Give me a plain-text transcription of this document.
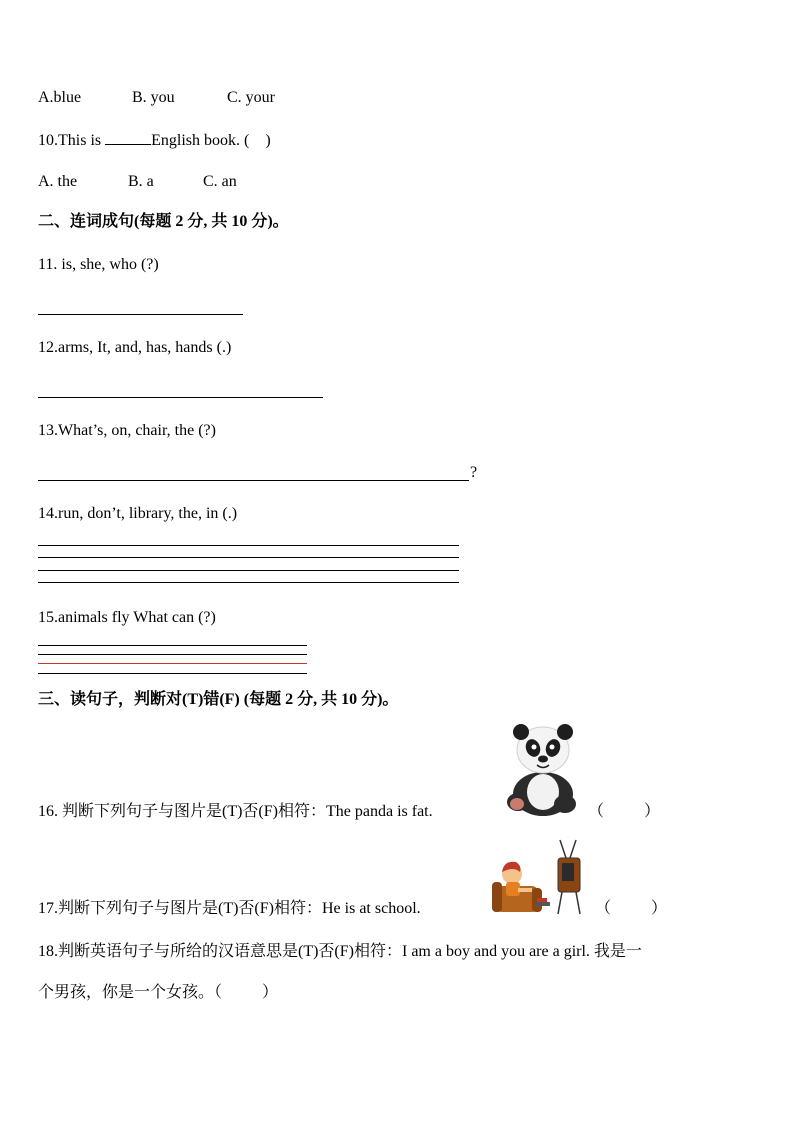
A.blue	B. you	C. your
10.This is	English book. ( )
A. the	B. a	C. an
二、连词成句(每题 2 分, 共 10 分)。
11. is, she, who (?)
12.arms, It, and, has, hands (.)
13.What’s, on, chair, the (?)
?
14.run, don’t, library, the, in (.)
15.animals fly What can (?)
三、读句子，判断对(T)错(F) (每题 2 分, 共 10 分)。
16. 判断下列句子与图片是(T)否(F)相符：The panda is fat.	（	）
17.判断下列句子与图片是(T)否(F)相符：He is at school.	（	）
18.判断英语句子与所给的汉语意思是(T)否(F)相符：I am a boy and you are a girl. 我是一
个男孩，你是一个女孩。（	）
